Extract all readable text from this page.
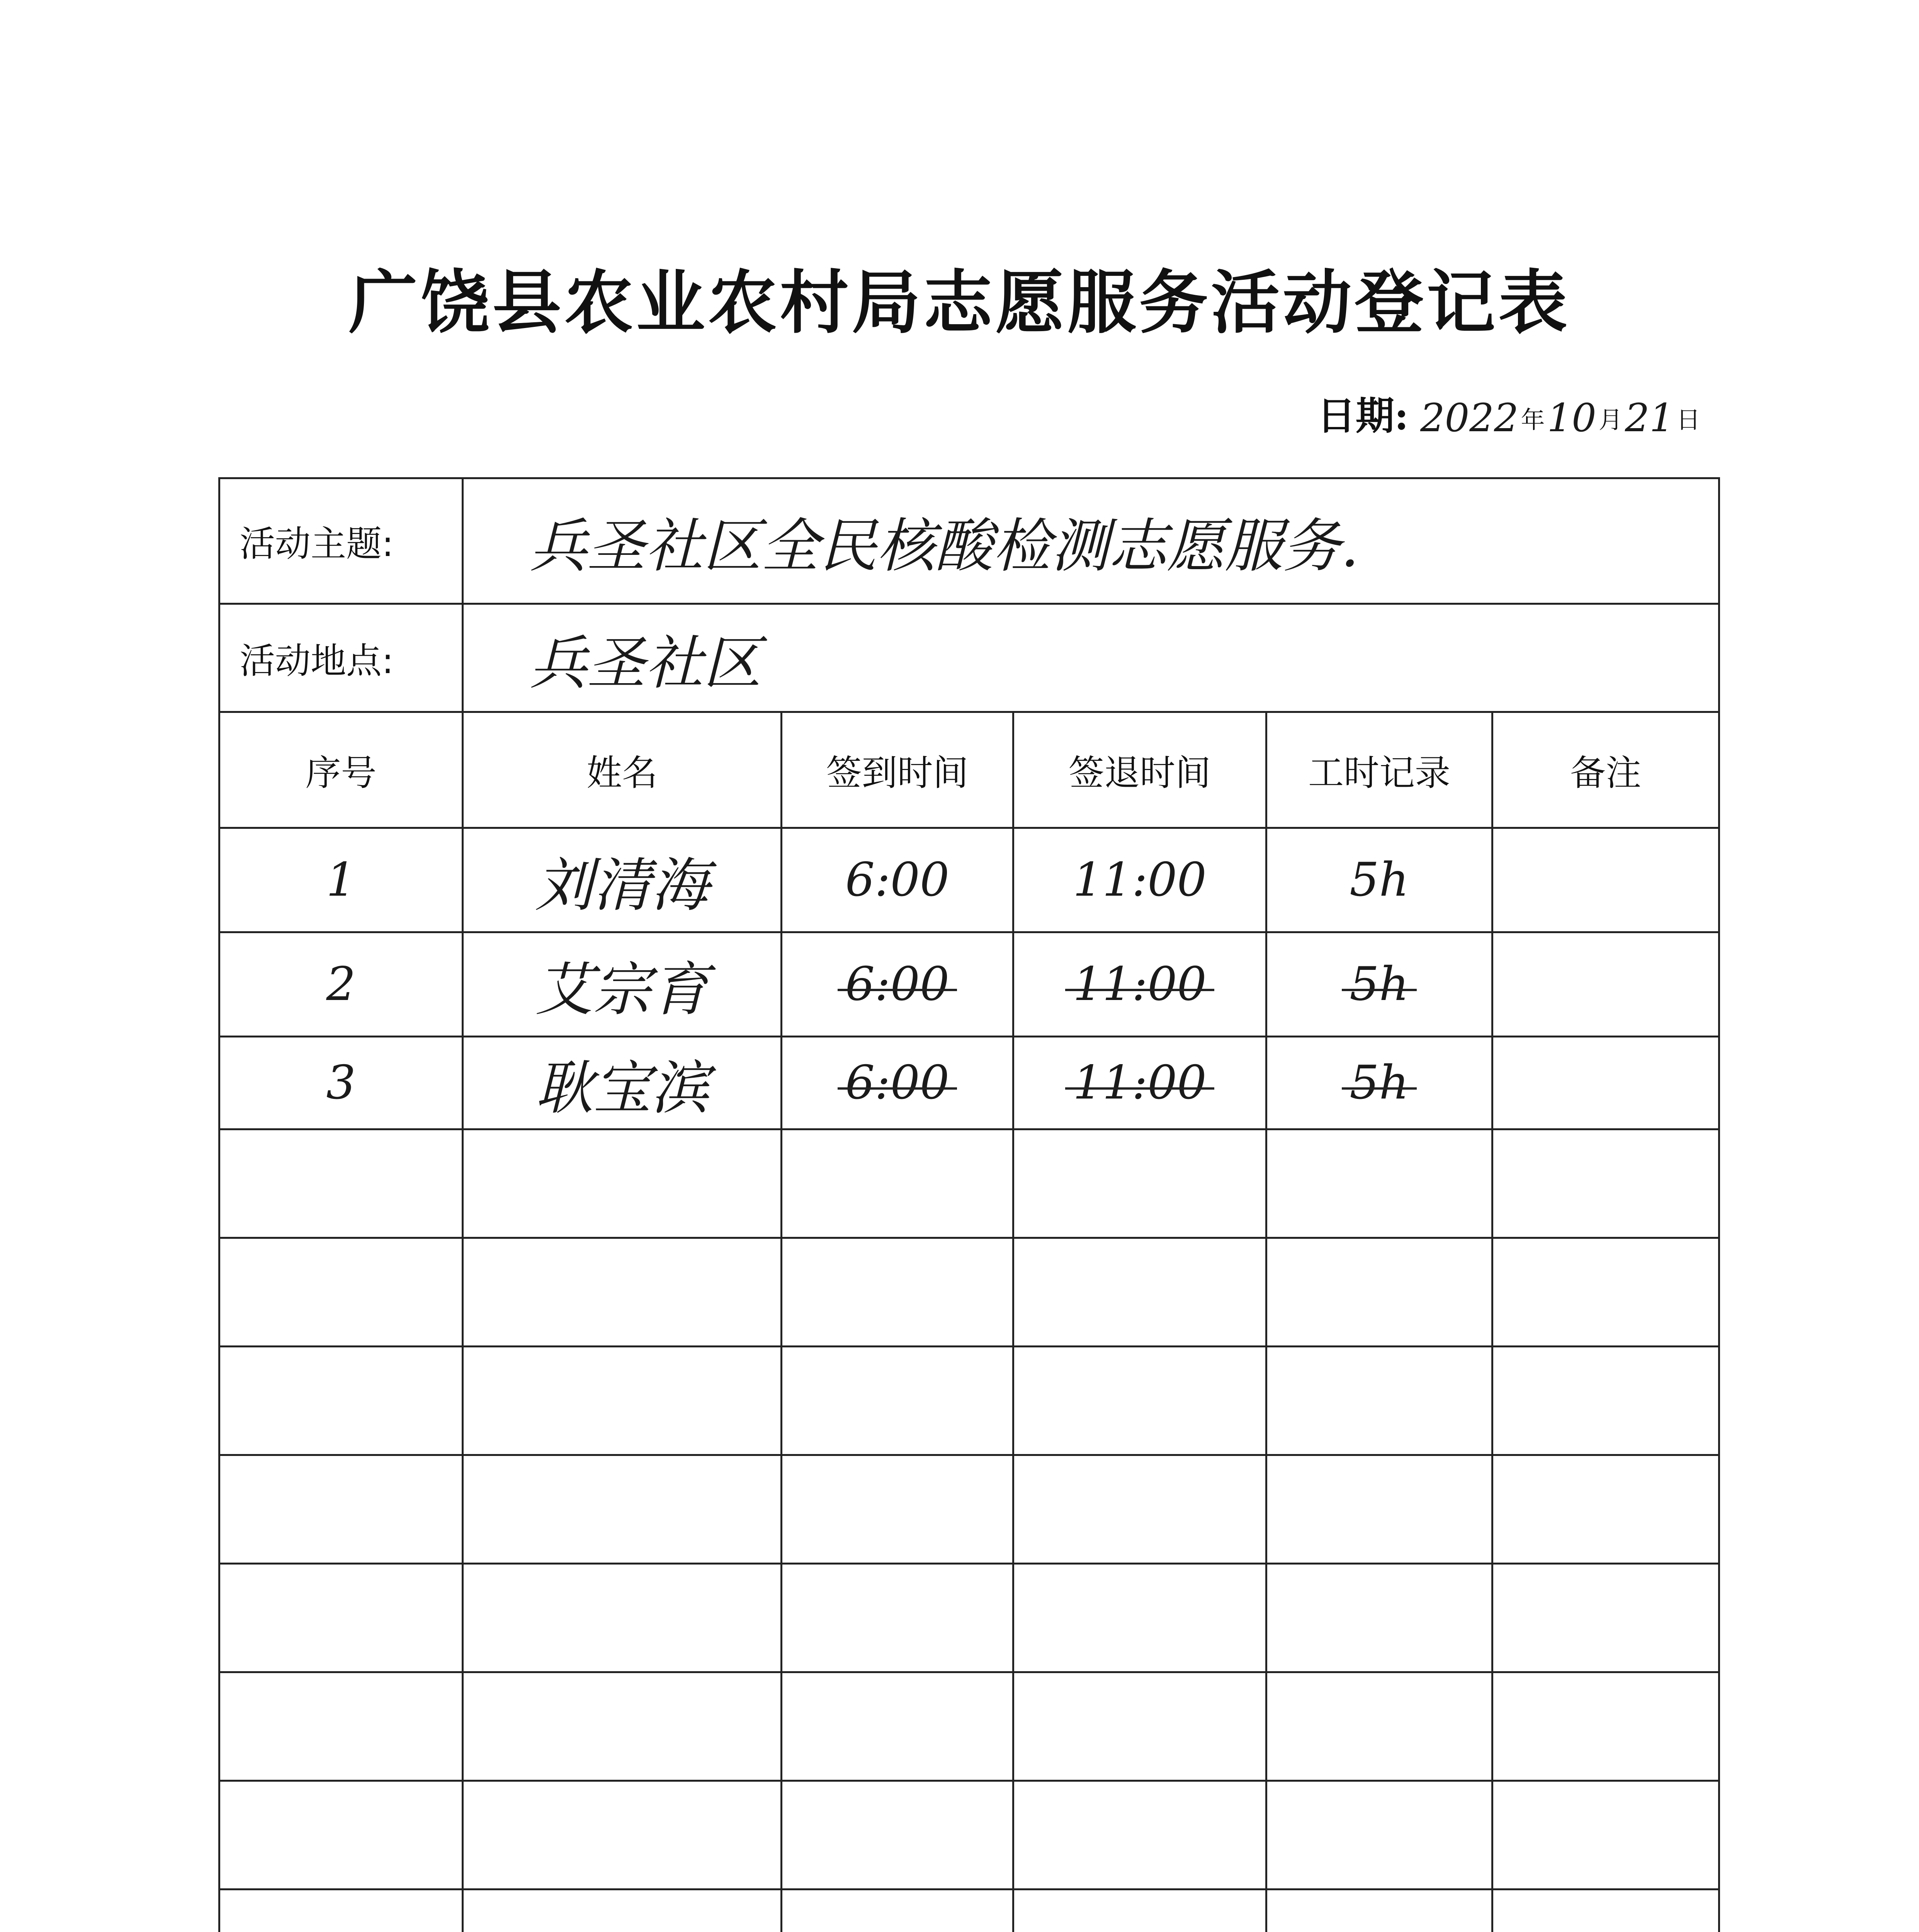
广饶县农业农村局志愿服务活动登记表
日期: 2022 年 10 月 21 日
活动主题:	兵圣社区全民核酸检测志愿服务.				
活动地点:	兵圣社区				
序号	姓名	签到时间	签退时间	工时记录	备注
1	刘清海	6:00	11:00	5h	
2	艾宗育	6:00	11:00	5h	
3	耿宝滨	6:00	11:00	5h	
